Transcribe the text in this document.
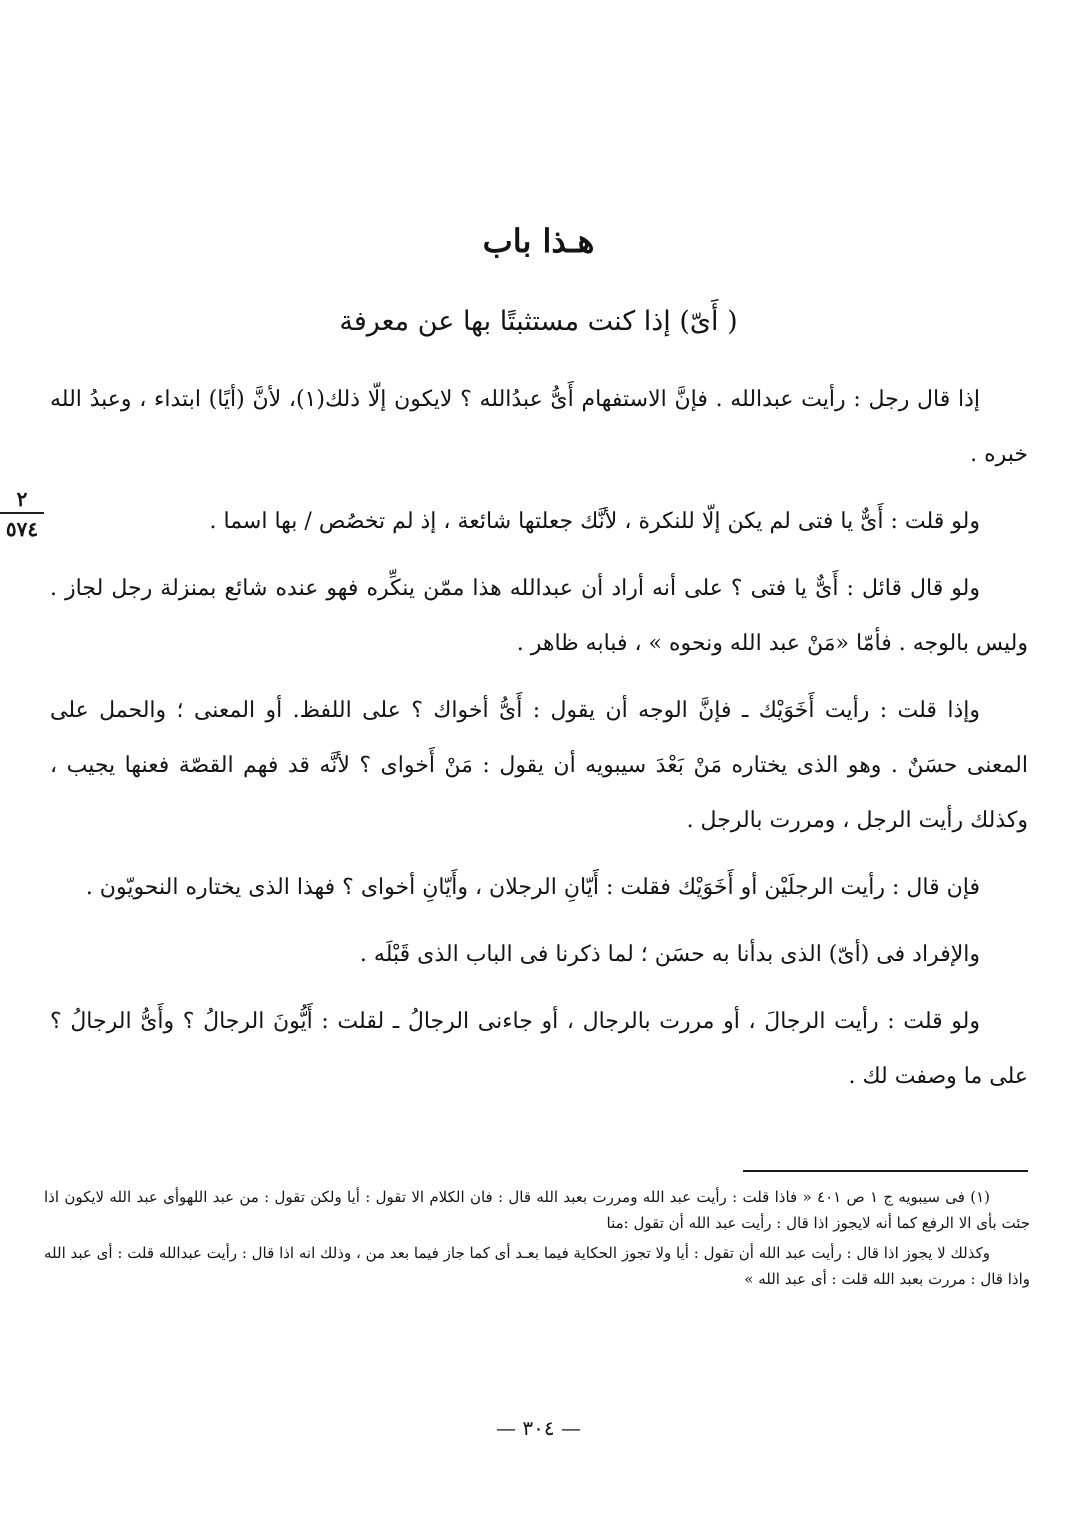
هـذا باب
( أَىّ) إذا كنت مستثبتًا بها عن معرفة
٢
٥٧٤

إذا قال رجل : رأيت عبدالله . فإنَّ الاستفهام أَىُّ عبدُالله ؟ لايكون إلّا ذلك(١)، لأنَّ (أيًا) ابتداء ، وعبدُ الله خبره .

ولو قلت : أَىٌّ يا فتى لم يكن إلّا للنكرة ، لأنَّك جعلتها شائعة ، إذ لم تخصُص / بها اسما .

ولو قال قائل : أَىٌّ يا فتى ؟ على أنه أراد أن عبدالله هذا ممّن ينكِّره فهو عنده شائع بمنزلة رجل لجاز . وليس بالوجه . فأمّا «مَنْ عبد الله ونحوه » ، فبابه ظاهر .

وإذا قلت : رأيت أَخَوَيْك ـ فإنَّ الوجه أن يقول : أَىُّ أخواك ؟ على اللفظ. أو المعنى ؛ والحمل على المعنى حسَنٌ . وهو الذى يختاره مَنْ بَعْدَ سيبويه أن يقول : مَنْ أَخواى ؟ لأنَّه قد فهم القصّة فعنها يجيب ، وكذلك رأيت الرجل ، ومررت بالرجل .

فإن قال : رأيت الرجلَيْن أو أَخَوَيْك فقلت : أَيّانِ الرجلان ، وأَيّانِ أخواى ؟ فهذا الذى يختاره النحويّون .

والإفراد فى (أىّ) الذى بدأنا به حسَن ؛ لما ذكرنا فى الباب الذى قَبْلَه .

ولو قلت : رأيت الرجالَ ، أو مررت بالرجال ، أو جاءنى الرجالُ ـ لقلت : أَيُّونَ الرجالُ ؟ وأَىُّ الرجالُ ؟ على ما وصفت لك .

(١) فى سيبويه ج ١ ص ٤٠١ « فاذا قلت : رأيت عبد الله ومررت بعبد الله قال : فان الكلام الا تقول : أيا ولكن تقول : من عبد اللهوأى عبد الله لايكون اذا جئت بأى الا الرفع كما أنه لايجوز اذا قال : رأيت عبد الله أن تقول :منا

وكذلك لا يجوز اذا قال : رأيت عبد الله أن تقول : أيا ولا تجوز الحكاية فيما بعـد أى كما جاز فيما بعد من ، وذلك انه اذا قال : رأيت عبدالله قلت : أى عبد الله واذا قال : مررت بعبد الله قلت : أى عبد الله »

— ٣٠٤ —
